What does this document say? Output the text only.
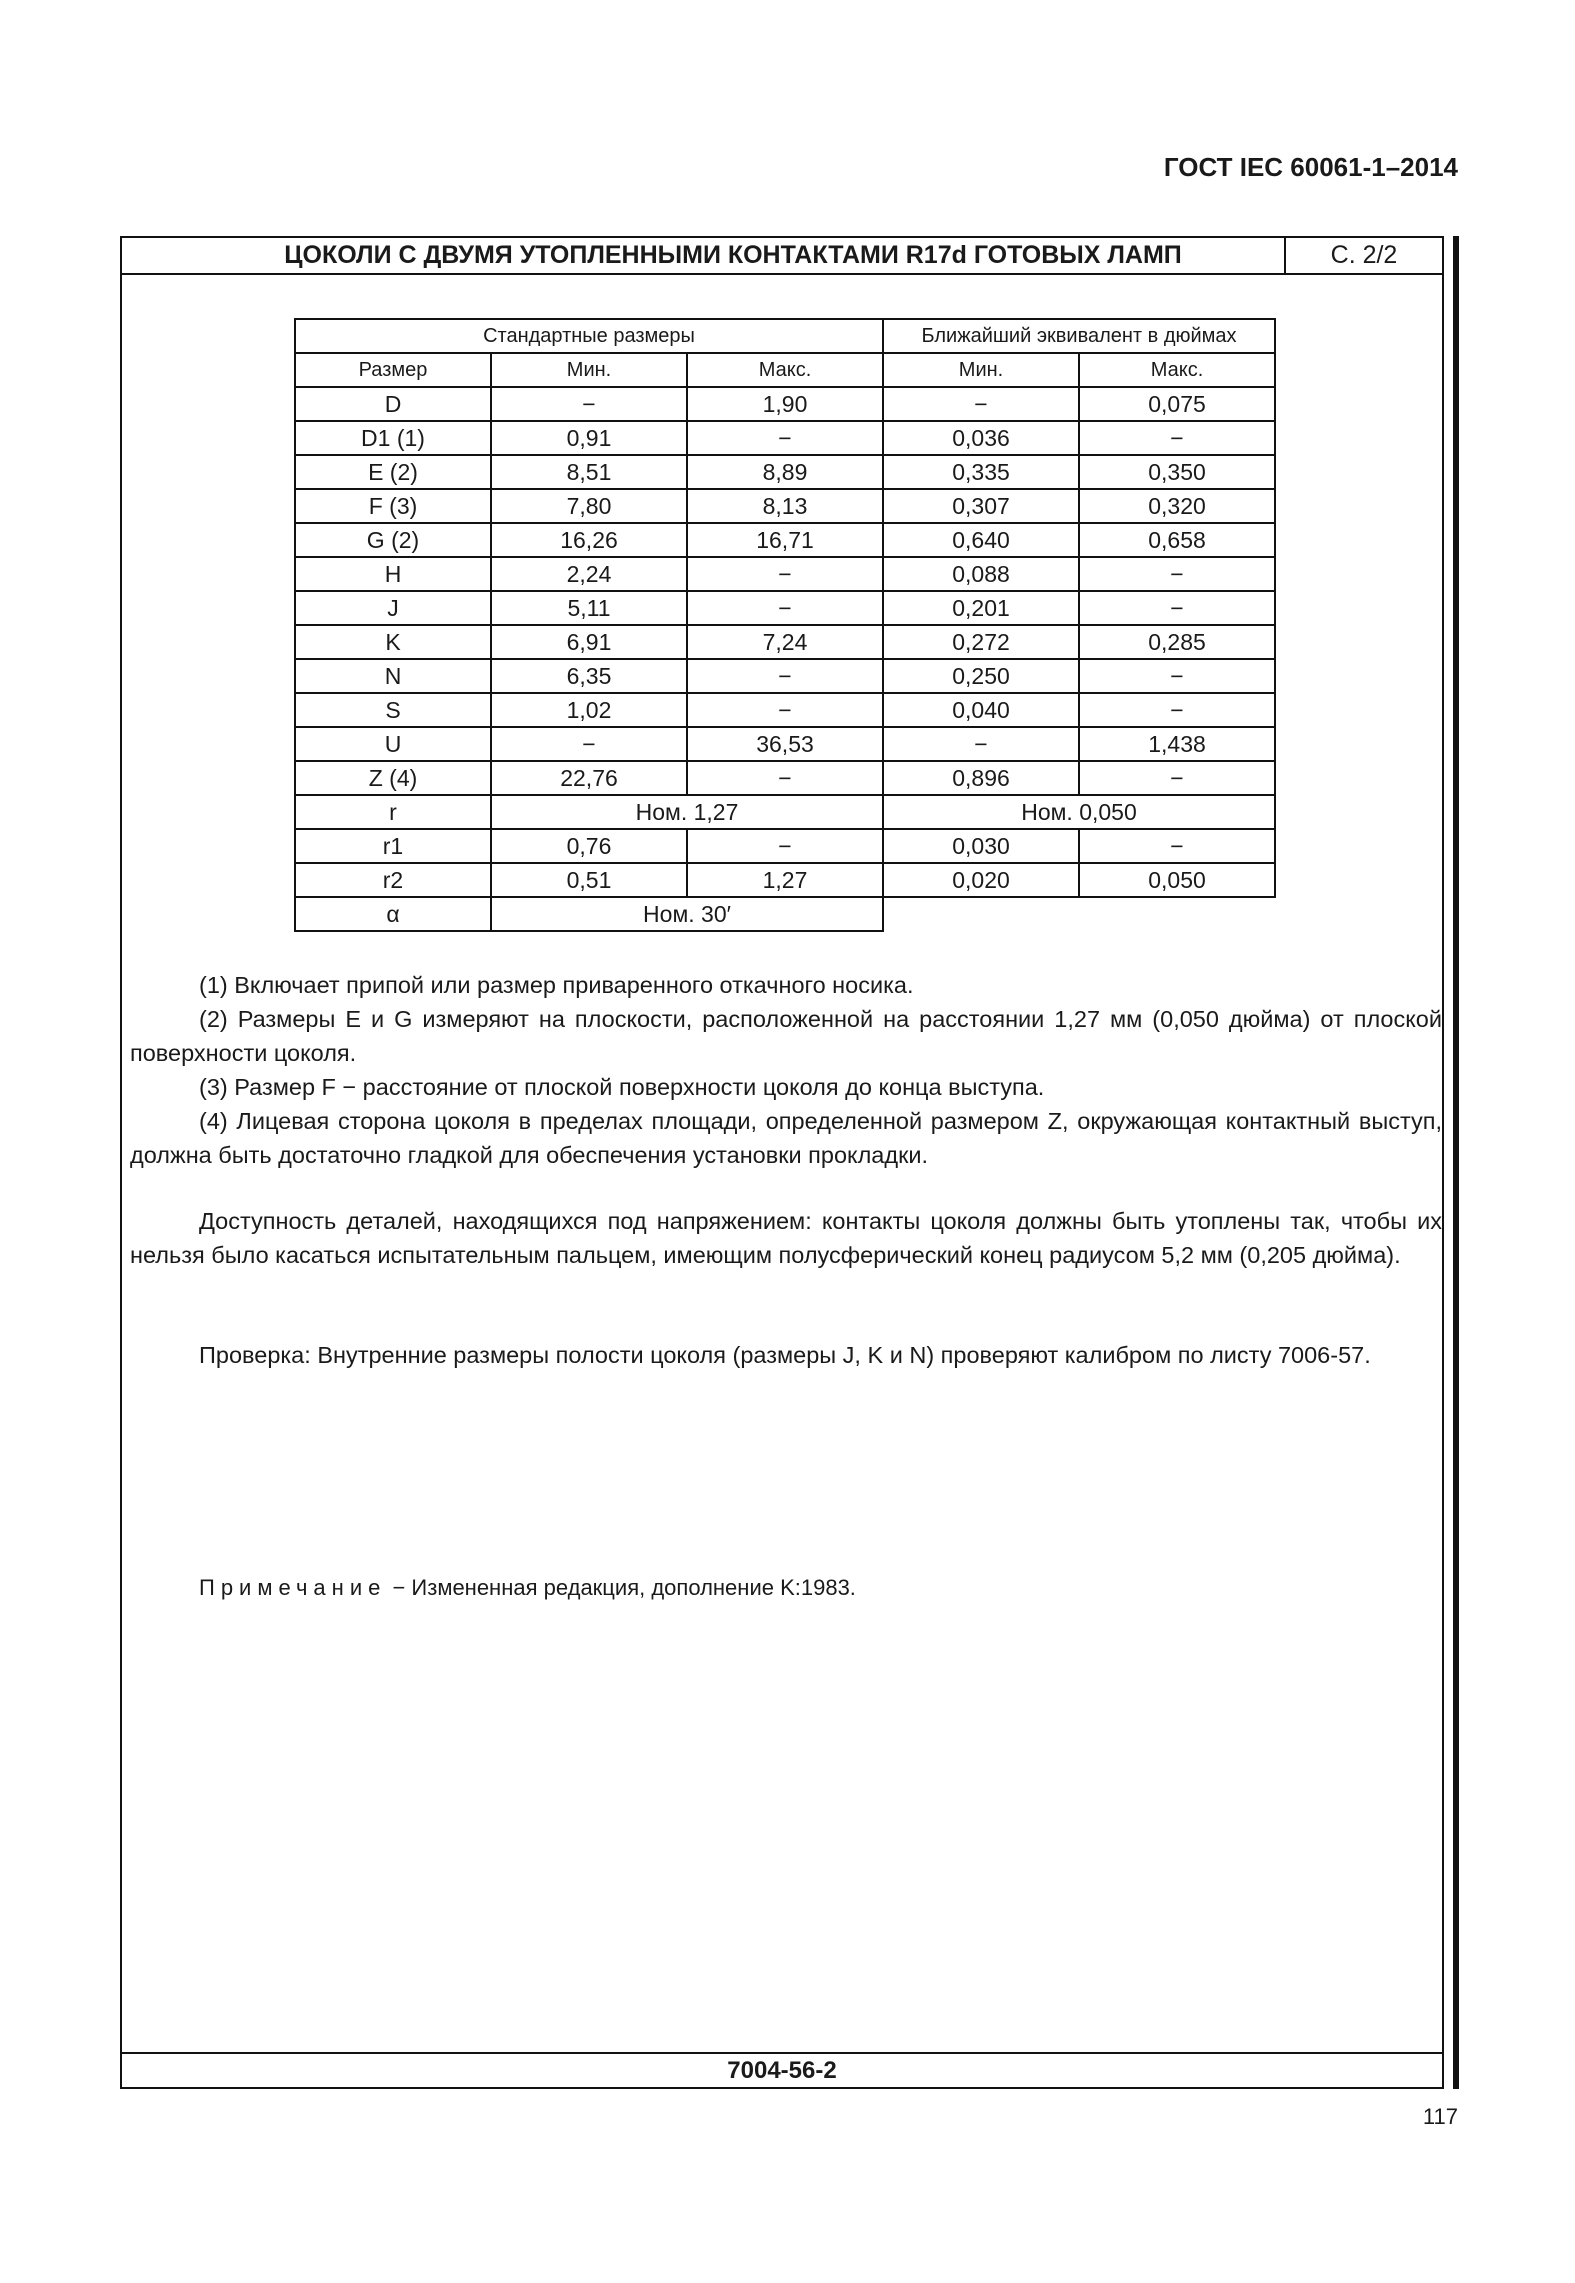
ГОСТ IEC 60061-1–2014
ЦОКОЛИ С ДВУМЯ УТОПЛЕННЫМИ КОНТАКТАМИ R17d ГОТОВЫХ ЛАМП	С. 2/2
Стандартные размеры			Ближайший эквивалент в дюймах	
Размер	Мин.	Макс.	Мин.	Макс.
D	−	1,90	−	0,075
D1 (1)	0,91	−	0,036	−
E (2)	8,51	8,89	0,335	0,350
F (3)	7,80	8,13	0,307	0,320
G (2)	16,26	16,71	0,640	0,658
H	2,24	−	0,088	−
J	5,11	−	0,201	−
K	6,91	7,24	0,272	0,285
N	6,35	−	0,250	−
S	1,02	−	0,040	−
U	−	36,53	−	1,438
Z (4)	22,76	−	0,896	−
r	Ном. 1,27		Ном. 0,050	
r1	0,76	−	0,030	−
r2	0,51	1,27	0,020	0,050
α	Ном. 30′			

(1) Включает припой или размер приваренного откачного носика.

(2) Размеры E и G измеряют на плоскости, расположенной на расстоянии 1,27 мм (0,050 дюйма) от плоской поверхности цоколя.

(3) Размер F − расстояние от плоской поверхности цоколя до конца выступа.

(4) Лицевая сторона цоколя в пределах площади, определенной размером Z, окружающая контактный выступ, должна быть достаточно гладкой для обеспечения установки прокладки.

Доступность деталей, находящихся под напряжением: контакты цоколя должны быть утоплены так, чтобы их нельзя было касаться испытательным пальцем, имеющим полусферический конец радиусом 5,2 мм (0,205 дюйма).

Проверка: Внутренние размеры полости цоколя (размеры J, K и N) проверяют калибром по листу 7006-57.

Примечание − Измененная редакция, дополнение K:1983.

7004-56-2
117
